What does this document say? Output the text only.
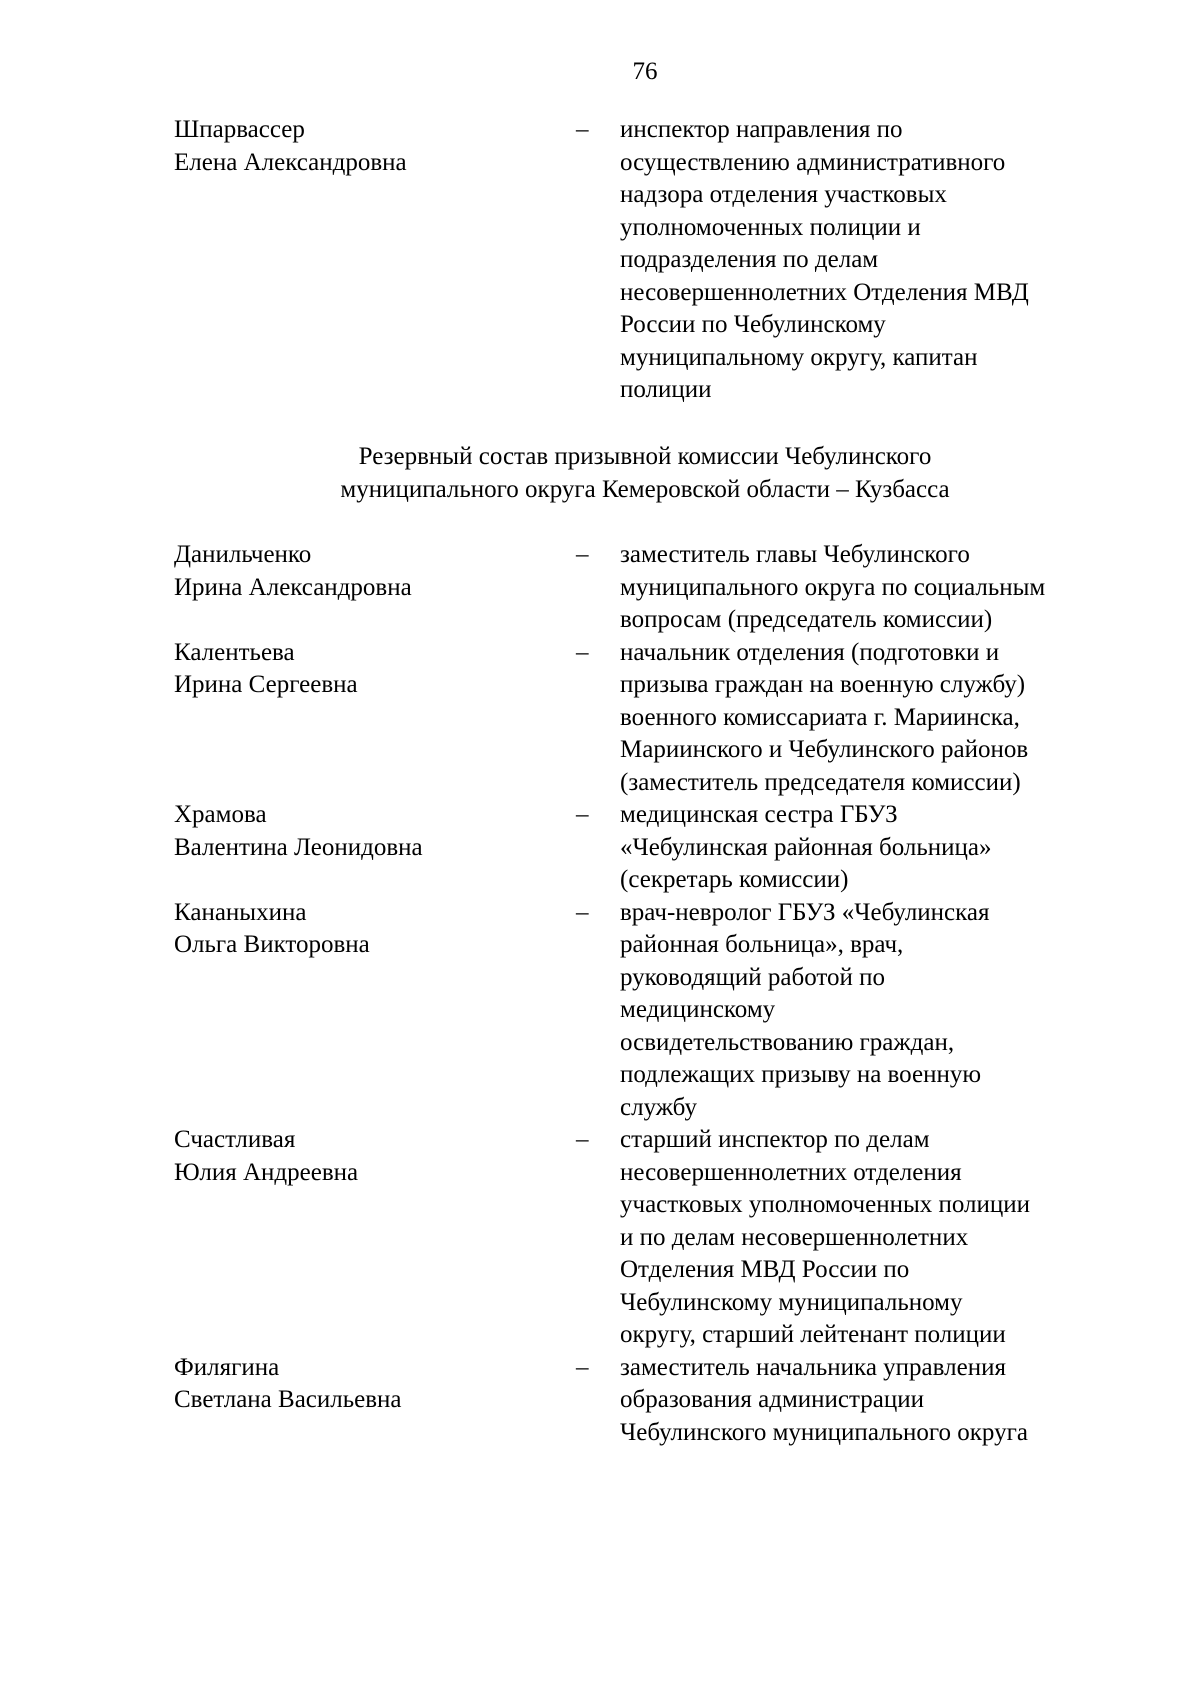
76
Шпарвассер
Елена Александровна
– инспектор направления по
осуществлению административного
надзора отделения участковых
уполномоченных полиции и
подразделения по делам
несовершеннолетних Отделения МВД
России по Чебулинскому
муниципальному округу, капитан
полиции
Резервный состав призывной комиссии Чебулинского
муниципального округа Кемеровской области – Кузбасса
Данильченко
Ирина Александровна
– заместитель главы Чебулинского
муниципального округа по социальным
вопросам (председатель комиссии)
Калентьева
Ирина Сергеевна
– начальник отделения (подготовки и
призыва граждан на военную службу)
военного комиссариата г. Мариинска,
Мариинского и Чебулинского районов
(заместитель председателя комиссии)
Храмова
Валентина Леонидовна
– медицинская сестра ГБУЗ
«Чебулинская районная больница»
(секретарь комиссии)
Кананыхина
Ольга Викторовна
– врач-невролог ГБУЗ «Чебулинская
районная больница», врач,
руководящий работой по
медицинскому
освидетельствованию граждан,
подлежащих призыву на военную
службу
Счастливая
Юлия Андреевна
– старший инспектор по делам
несовершеннолетних отделения
участковых уполномоченных полиции
и по делам несовершеннолетних
Отделения МВД России по
Чебулинскому муниципальному
округу, старший лейтенант полиции
Филягина
Светлана Васильевна
– заместитель начальника управления
образования администрации
Чебулинского муниципального округа
